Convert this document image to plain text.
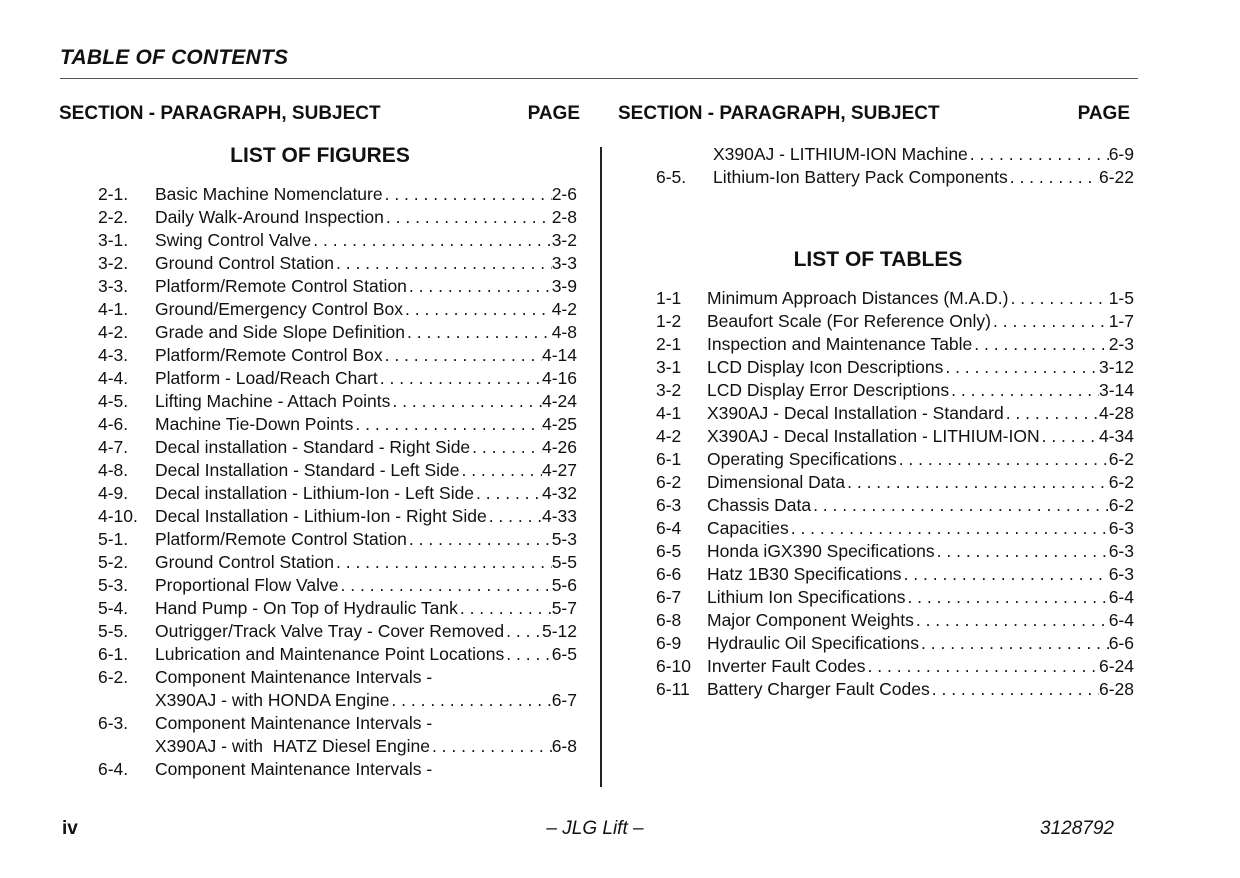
TABLE OF CONTENTS
SECTION - PARAGRAPH, SUBJECT	PAGE SECTION - PARAGRAPH, SUBJECT	PAGE
LIST OF FIGURES
2-1. Basic Machine Nomenclature . . .	2-6
2-2. Daily Walk-Around Inspection . . .	2-8
3-1. Swing Control Valve . . .	3-2
3-2. Ground Control Station . . .	3-3
3-3. Platform/Remote Control Station . . .	3-9
4-1. Ground/Emergency Control Box . . .	4-2
4-2. Grade and Side Slope Definition . . .	4-8
4-3. Platform/Remote Control Box . . .	4-14
4-4. Platform - Load/Reach Chart . . .	4-16
4-5. Lifting Machine - Attach Points . . .	4-24
4-6. Machine Tie-Down Points . . .	4-25
4-7. Decal installation - Standard - Right Side . . .	4-26
4-8. Decal Installation - Standard - Left Side . . .	4-27
4-9. Decal installation - Lithium-Ion - Left Side . . .	4-32
4-10. Decal Installation - Lithium-Ion - Right Side . . .	4-33
5-1. Platform/Remote Control Station . . .	5-3
5-2. Ground Control Station . . .	5-5
5-3. Proportional Flow Valve . . .	5-6
5-4. Hand Pump - On Top of Hydraulic Tank . . .	5-7
5-5. Outrigger/Track Valve Tray - Cover Removed . . . 5-12
6-1. Lubrication and Maintenance Point Locations . . .	6-5
6-2. Component Maintenance Intervals -
X390AJ - with HONDA Engine . . .	6-7
6-3. Component Maintenance Intervals -
X390AJ - with  HATZ Diesel Engine . . .	6-8
6-4. Component Maintenance Intervals -
X390AJ - LITHIUM-ION Machine . . .	6-9
6-5. Lithium-Ion Battery Pack Components . . .	6-22
LIST OF TABLES
1-1 Minimum Approach Distances (M.A.D.) . . .	1-5
1-2 Beaufort Scale (For Reference Only) . . .	1-7
2-1 Inspection and Maintenance Table . . .	2-3
3-1 LCD Display Icon Descriptions . . .	3-12
3-2 LCD Display Error Descriptions . . .	3-14
4-1 X390AJ - Decal Installation - Standard . . .	4-28
4-2 X390AJ - Decal Installation - LITHIUM-ION . . .	4-34
6-1 Operating Specifications . . .	6-2
6-2 Dimensional Data . . .	6-2
6-3 Chassis Data . . .	6-2
6-4 Capacities . . .	6-3
6-5 Honda iGX390 Specifications . . .	6-3
6-6 Hatz 1B30 Specifications . . .	6-3
6-7 Lithium Ion Specifications . . .	6-4
6-8 Major Component Weights . . .	6-4
6-9 Hydraulic Oil Specifications . . .	6-6
6-10 Inverter Fault Codes . . .	6-24
6-11 Battery Charger Fault Codes . . .	6-28
iv	– JLG Lift –	3128792
